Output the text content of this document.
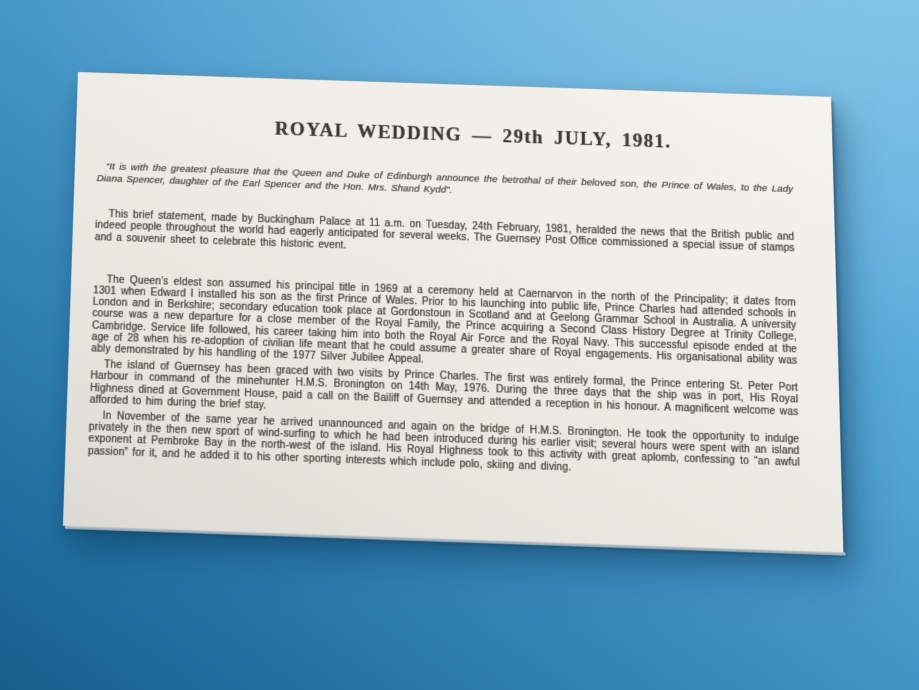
ROYAL WEDDING — 29th JULY, 1981.

“It is with the greatest pleasure that the Queen and Duke of Edinburgh announce the betrothal of their beloved son, the Prince of Wales, to the Lady Diana Spencer, daughter of the Earl Spencer and the Hon. Mrs. Shand Kydd”.

This brief statement, made by Buckingham Palace at 11 a.m. on Tuesday, 24th February, 1981, heralded the news that the British public and indeed people throughout the world had eagerly anticipated for several weeks. The Guernsey Post Office commissioned a special issue of stamps and a souvenir sheet to celebrate this historic event.

The Queen’s eldest son assumed his principal title in 1969 at a ceremony held at Caernarvon in the north of the Principality; it dates from 1301 when Edward I installed his son as the first Prince of Wales. Prior to his launching into public life, Prince Charles had attended schools in London and in Berkshire; secondary education took place at Gordonstoun in Scotland and at Geelong Grammar School in Australia. A university course was a new departure for a close member of the Royal Family, the Prince acquiring a Second Class History Degree at Trinity College, Cambridge. Service life followed, his career taking him into both the Royal Air Force and the Royal Navy. This successful episode ended at the age of 28 when his re-adoption of civilian life meant that he could assume a greater share of Royal engagements. His organisational ability was ably demonstrated by his handling of the 1977 Silver Jubilee Appeal.

The island of Guernsey has been graced with two visits by Prince Charles. The first was entirely formal, the Prince entering St. Peter Port Harbour in command of the minehunter H.M.S. Bronington on 14th May, 1976. During the three days that the ship was in port, His Royal Highness dined at Government House, paid a call on the Bailiff of Guernsey and attended a reception in his honour. A magnificent welcome was afforded to him during the brief stay.

In November of the same year he arrived unannounced and again on the bridge of H.M.S. Bronington. He took the opportunity to indulge privately in the then new sport of wind-surfing to which he had been introduced during his earlier visit; several hours were spent with an island exponent at Pembroke Bay in the north-west of the island. His Royal Highness took to this activity with great aplomb, confessing to “an awful passion” for it, and he added it to his other sporting interests which include polo, skiing and diving.
